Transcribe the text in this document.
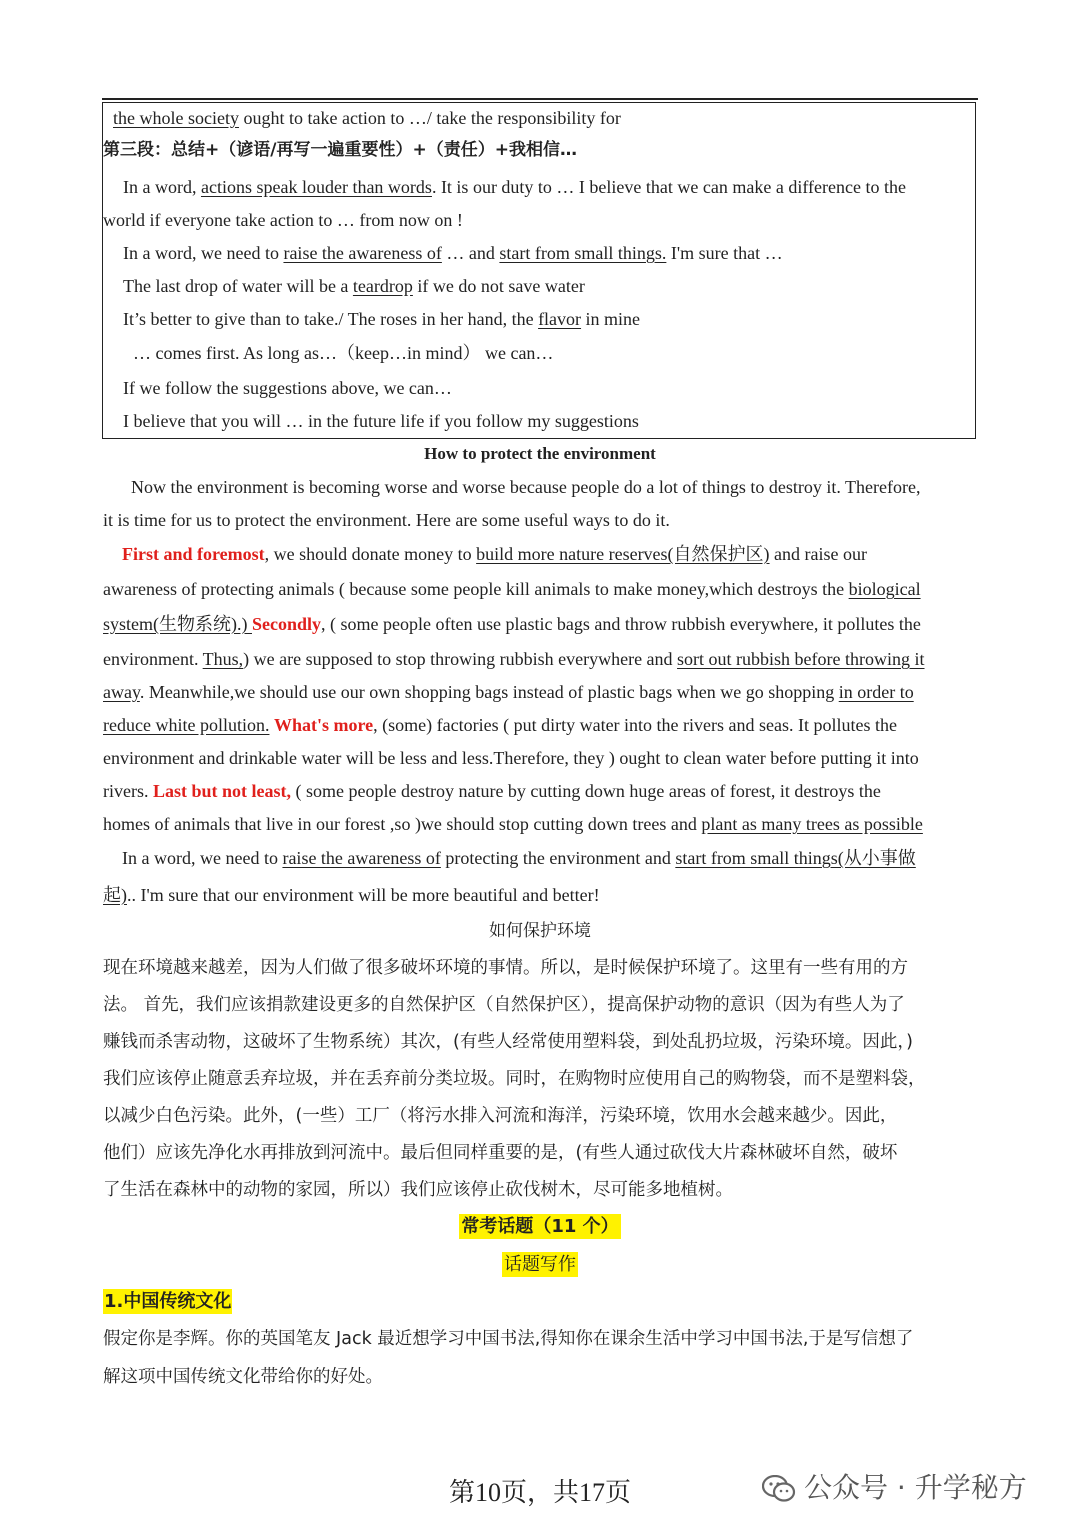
the whole society ought to take action to …/ take the responsibility for
第三段：总结+（谚语/再写一遍重要性）+（责任）+我相信…
In a word, actions speak louder than words. It is our duty to … I believe that we can make a difference to the
world if everyone take action to … from now on !
In a word, we need to raise the awareness of … and start from small things. I'm sure that …
The last drop of water will be a teardrop if we do not save water
It’s better to give than to take./ The roses in her hand, the flavor in mine
… comes first. As long as…（keep…in mind） we can…
If we follow the suggestions above, we can…
I believe that you will … in the future life if you follow my suggestions
How to protect the environment
Now the environment is becoming worse and worse because people do a lot of things to destroy it. Therefore,
it is time for us to protect the environment. Here are some useful ways to do it.
First and foremost, we should donate money to build more nature reserves(自然保护区) and raise our
awareness of protecting animals ( because some people kill animals to make money,which destroys the biological
system(生物系统).) Secondly, ( some people often use plastic bags and throw rubbish everywhere, it pollutes the
environment. Thus,) we are supposed to stop throwing rubbish everywhere and sort out rubbish before throwing it
away. Meanwhile,we should use our own shopping bags instead of plastic bags when we go shopping in order to
reduce white pollution. What's more, (some) factories ( put dirty water into the rivers and seas. It pollutes the
environment and drinkable water will be less and less.Therefore, they ) ought to clean water before putting it into
rivers. Last but not least, ( some people destroy nature by cutting down huge areas of forest, it destroys the
homes of animals that live in our forest ,so )we should stop cutting down trees and plant as many trees as possible
In a word, we need to raise the awareness of protecting the environment and start from small things(从小事做
起).. I'm sure that our environment will be more beautiful and better!
如何保护环境
现在环境越来越差，因为人们做了很多破坏环境的事情。所以，是时候保护环境了。这里有一些有用的方
法。 首先，我们应该捐款建设更多的自然保护区（自然保护区），提高保护动物的意识（因为有些人为了
赚钱而杀害动物，这破坏了生物系统）其次，(有些人经常使用塑料袋，到处乱扔垃圾，污染环境。因此，)
我们应该停止随意丢弃垃圾，并在丢弃前分类垃圾。同时，在购物时应使用自己的购物袋，而不是塑料袋，
以减少白色污染。此外，(一些）工厂（将污水排入河流和海洋，污染环境，饮用水会越来越少。因此，
他们）应该先净化水再排放到河流中。最后但同样重要的是，(有些人通过砍伐大片森林破坏自然，破坏
了生活在森林中的动物的家园，所以）我们应该停止砍伐树木，尽可能多地植树。
常考话题（11 个）
话题写作
1.中国传统文化
假定你是李辉。你的英国笔友 Jack 最近想学习中国书法,得知你在课余生活中学习中国书法,于是写信想了
解这项中国传统文化带给你的好处。
第10页，共17页	公众号 · 升学秘方
